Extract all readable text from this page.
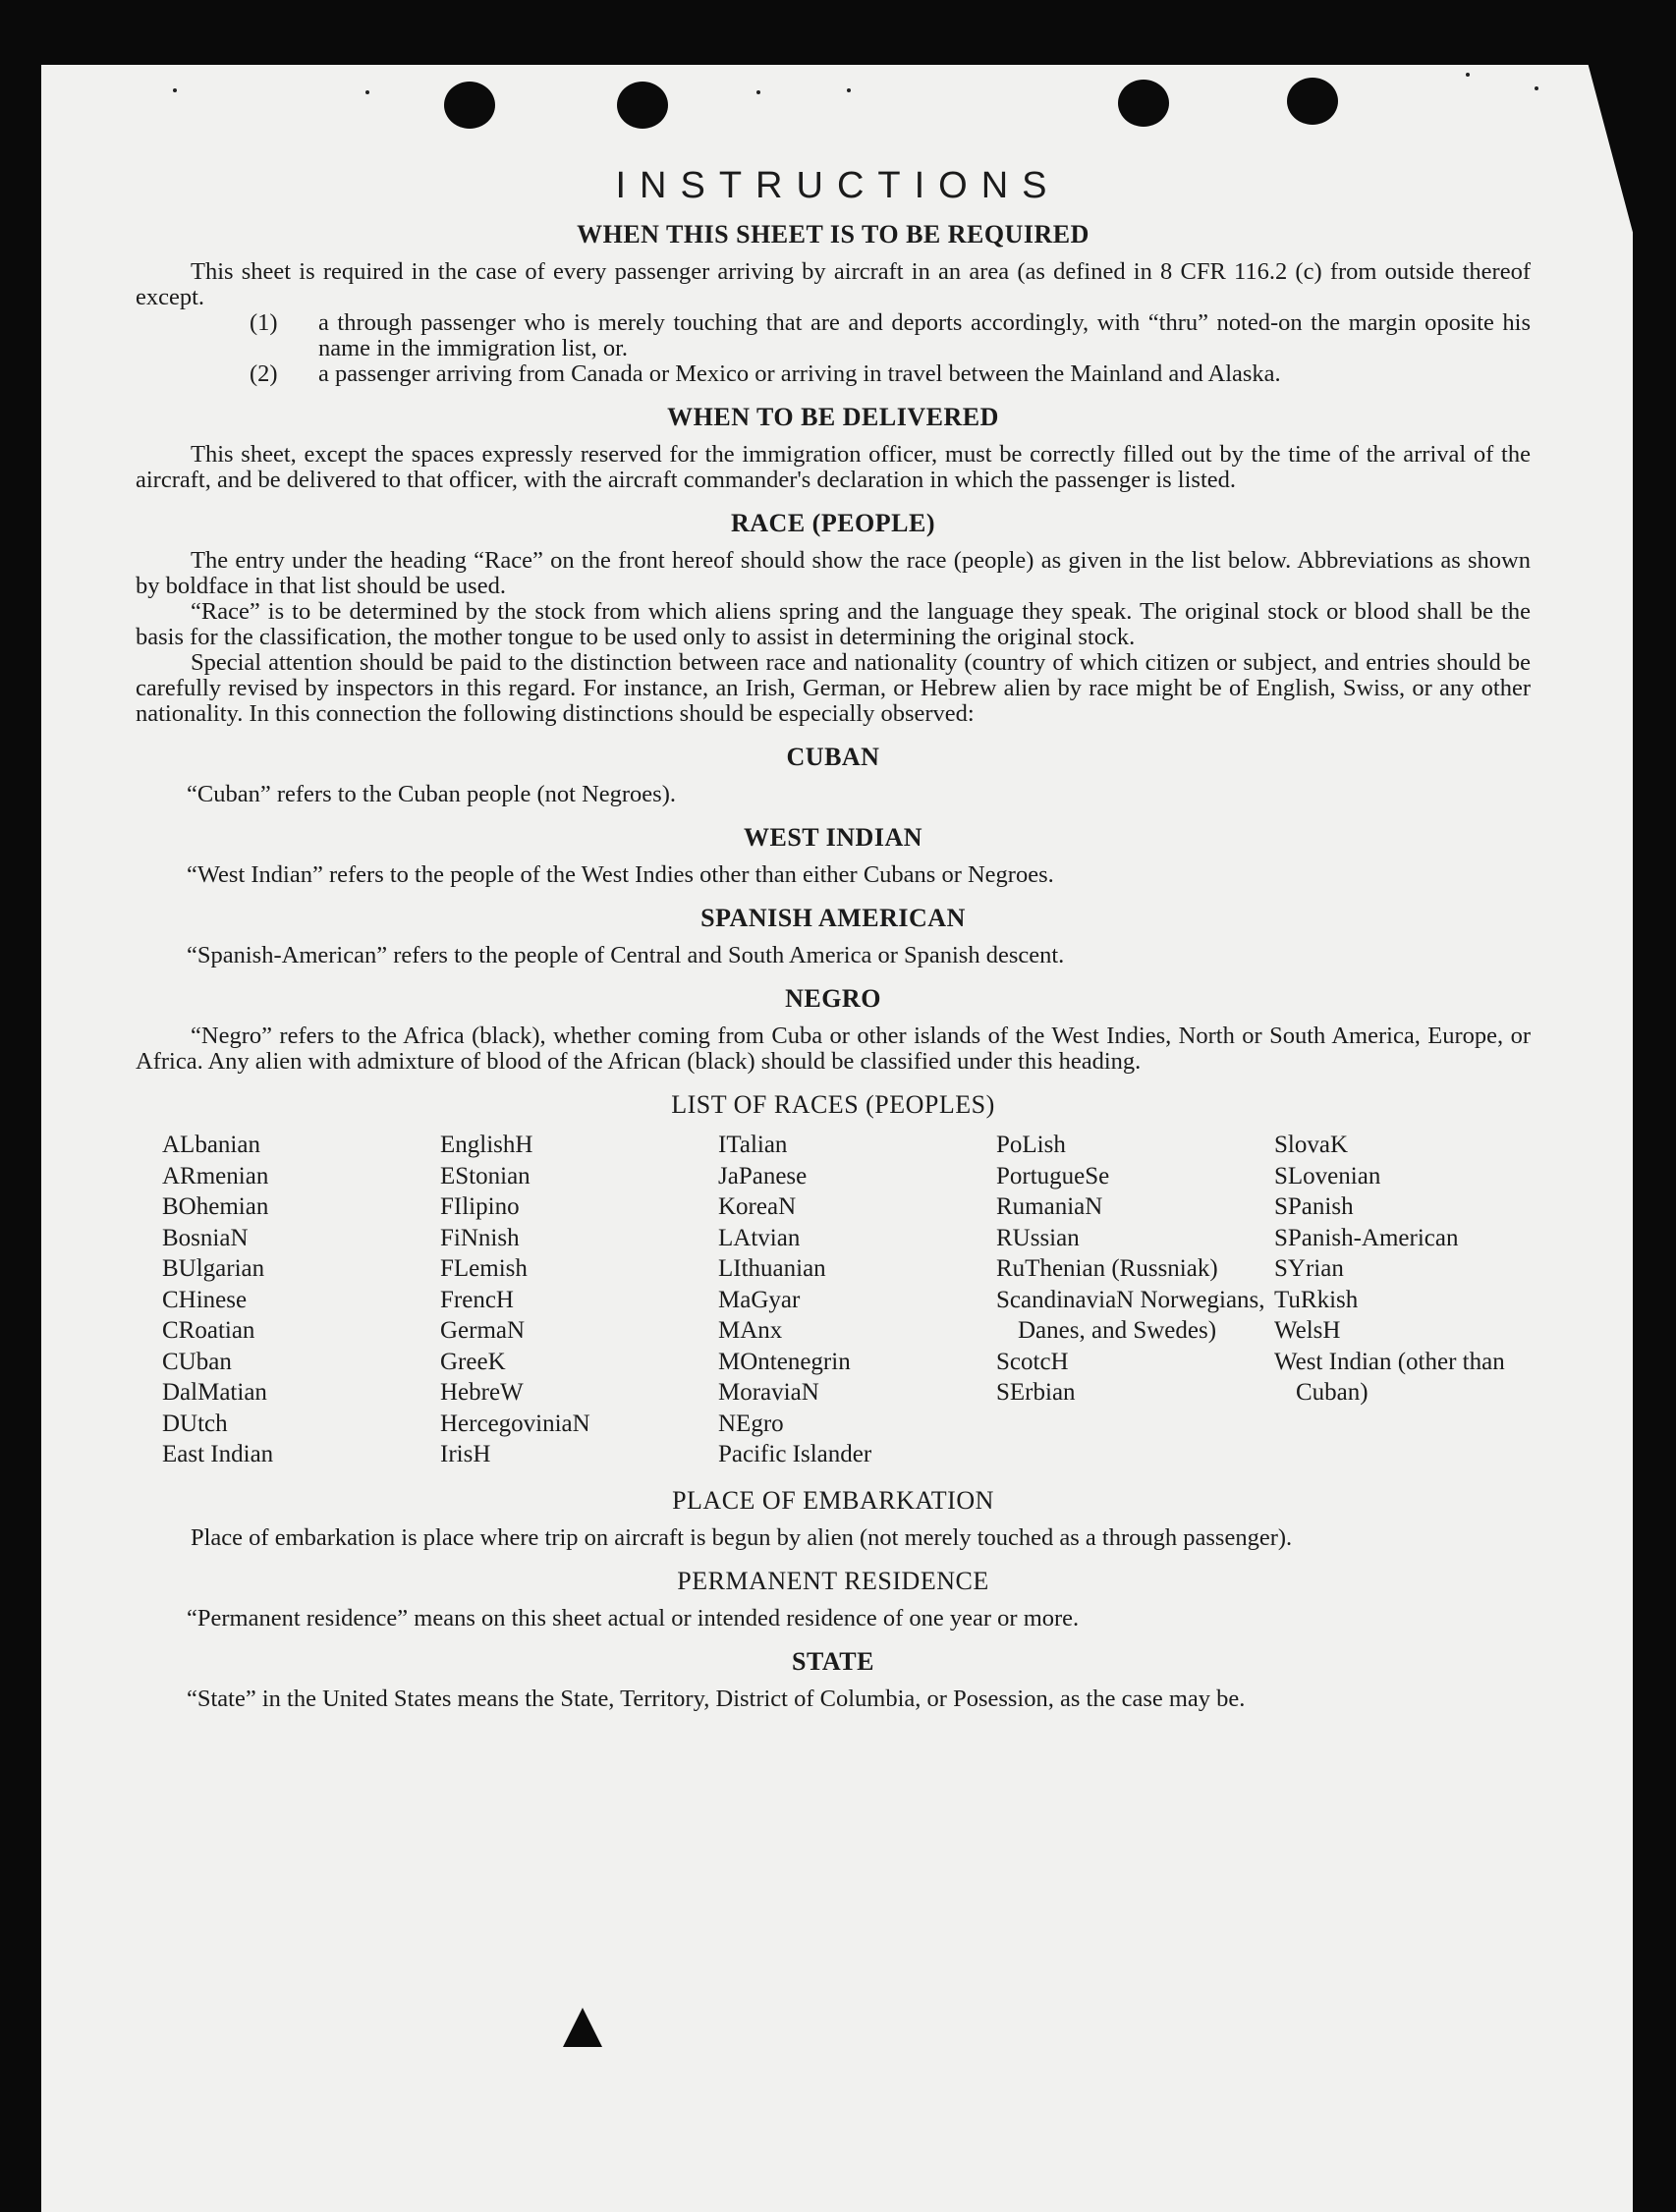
INSTRUCTIONS
WHEN THIS SHEET IS TO BE REQUIRED

This sheet is required in the case of every passenger arriving by aircraft in an area (as defined in 8 CFR 116.2 (c) from outside thereof except.

(1)	a through passenger who is merely touching that are and deports accordingly, with “thru” noted-on the margin oposite his name in the immigration list, or.
(2)	a passenger arriving from Canada or Mexico or arriving in travel between the Mainland and Alaska.
WHEN TO BE DELIVERED

This sheet, except the spaces expressly reserved for the immigration officer, must be correctly filled out by the time of the arrival of the aircraft, and be delivered to that officer, with the aircraft commander's declaration in which the passenger is listed.

RACE (PEOPLE)

The entry under the heading “Race” on the front hereof should show the race (people) as given in the list below. Abbreviations as shown by boldface in that list should be used.

“Race” is to be determined by the stock from which aliens spring and the language they speak. The original stock or blood shall be the basis for the classification, the mother tongue to be used only to assist in determining the original stock.

Special attention should be paid to the distinction between race and nationality (country of which citizen or subject, and entries should be carefully revised by inspectors in this regard. For instance, an Irish, German, or Hebrew alien by race might be of English, Swiss, or any other nationality. In this connection the following distinctions should be especially observed:

CUBAN

“Cuban” refers to the Cuban people (not Negroes).

WEST INDIAN

“West Indian” refers to the people of the West Indies other than either Cubans or Negroes.

SPANISH AMERICAN

“Spanish-American” refers to the people of Central and South America or Spanish descent.

NEGRO

“Negro” refers to the Africa (black), whether coming from Cuba or other islands of the West Indies, North or South America, Europe, or Africa. Any alien with admixture of blood of the African (black) should be classified under this heading.

LIST OF RACES (PEOPLES)
ALbanian
ARmenian
BOhemian
BosniaN
BUlgarian
CHinese
CRoatian
CUban
DalMatian
DUtch
East Indian
EnglishH
EStonian
FIlipino
FiNnish
FLemish
FrencH
GermaN
GreeK
HebreW
HercegoviniaN
IrisH
ITalian
JaPanese
KoreaN
LAtvian
LIthuanian
MaGyar
MAnx
MOntenegrin
MoraviaN
NEgro
Pacific Islander
PoLish
PortugueSe
RumaniaN
RUssian
RuThenian (Russniak)
ScandinaviaN Norwegians, Danes, and Swedes)
ScotcH
SErbian
SlovaK
SLovenian
SPanish
SPanish-American
SYrian
TuRkish
WelsH
West Indian (other than Cuban)
PLACE OF EMBARKATION

Place of embarkation is place where trip on aircraft is begun by alien (not merely touched as a through passenger).

PERMANENT RESIDENCE

“Permanent residence” means on this sheet actual or intended residence of one year or more.

STATE

“State” in the United States means the State, Territory, District of Columbia, or Posession, as the case may be.
